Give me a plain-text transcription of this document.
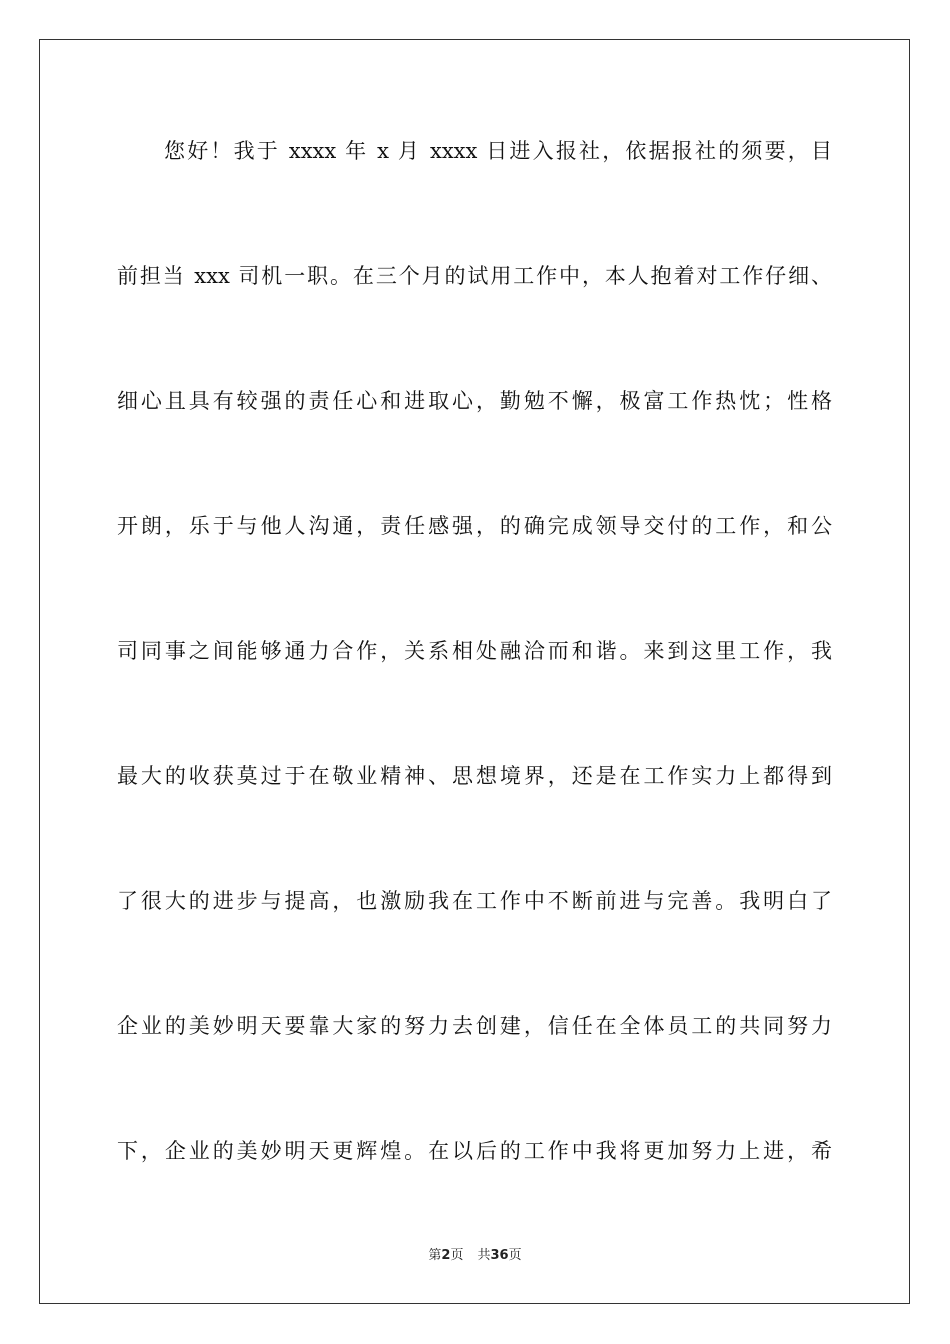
您好！我于 xxxx 年 x 月 xxxx 日进入报社，依据报社的须要，目
前担当 xxx 司机一职。在三个月的试用工作中，本人抱着对工作仔细、
细心且具有较强的责任心和进取心，勤勉不懈，极富工作热忱；性格
开朗，乐于与他人沟通，责任感强，的确完成领导交付的工作，和公
司同事之间能够通力合作，关系相处融洽而和谐。来到这里工作，我
最大的收获莫过于在敬业精神、思想境界，还是在工作实力上都得到
了很大的进步与提高，也激励我在工作中不断前进与完善。我明白了
企业的美妙明天要靠大家的努力去创建，信任在全体员工的共同努力
下，企业的美妙明天更辉煌。在以后的工作中我将更加努力上进，希
第2页 共36页
